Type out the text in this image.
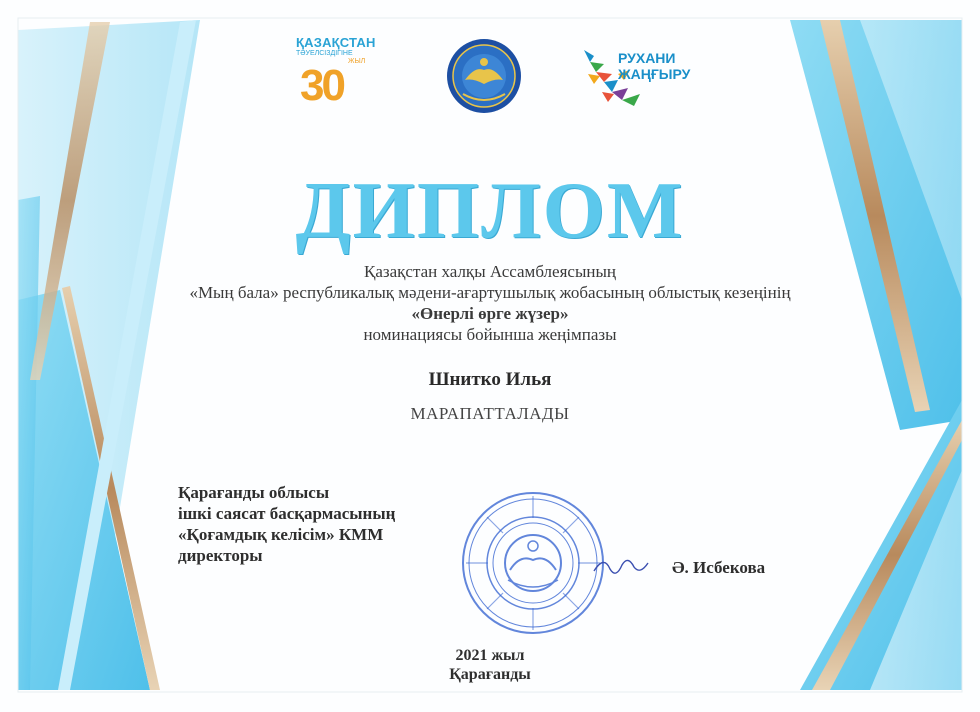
ҚАЗАҚСТАН
ТӘУЕЛСІЗДІГІНЕ
ЖЫЛ
30
РУХАНИ
ЖАҢҒЫРУ
ДИПЛОМ
Қазақстан халқы Ассамблеясының
«Мың бала» республикалық мәдени-ағартушылық жобасының облыстық кезеңінің
«Өнерлі өрге жүзер»
номинациясы бойынша жеңімпазы
Шнитко Илья
МАРАПАТТАЛАДЫ
Қарағанды облысы
ішкі саясат басқармасының
«Қоғамдық келісім» КММ
директоры
Ә. Исбекова
2021 жыл
Қарағанды
